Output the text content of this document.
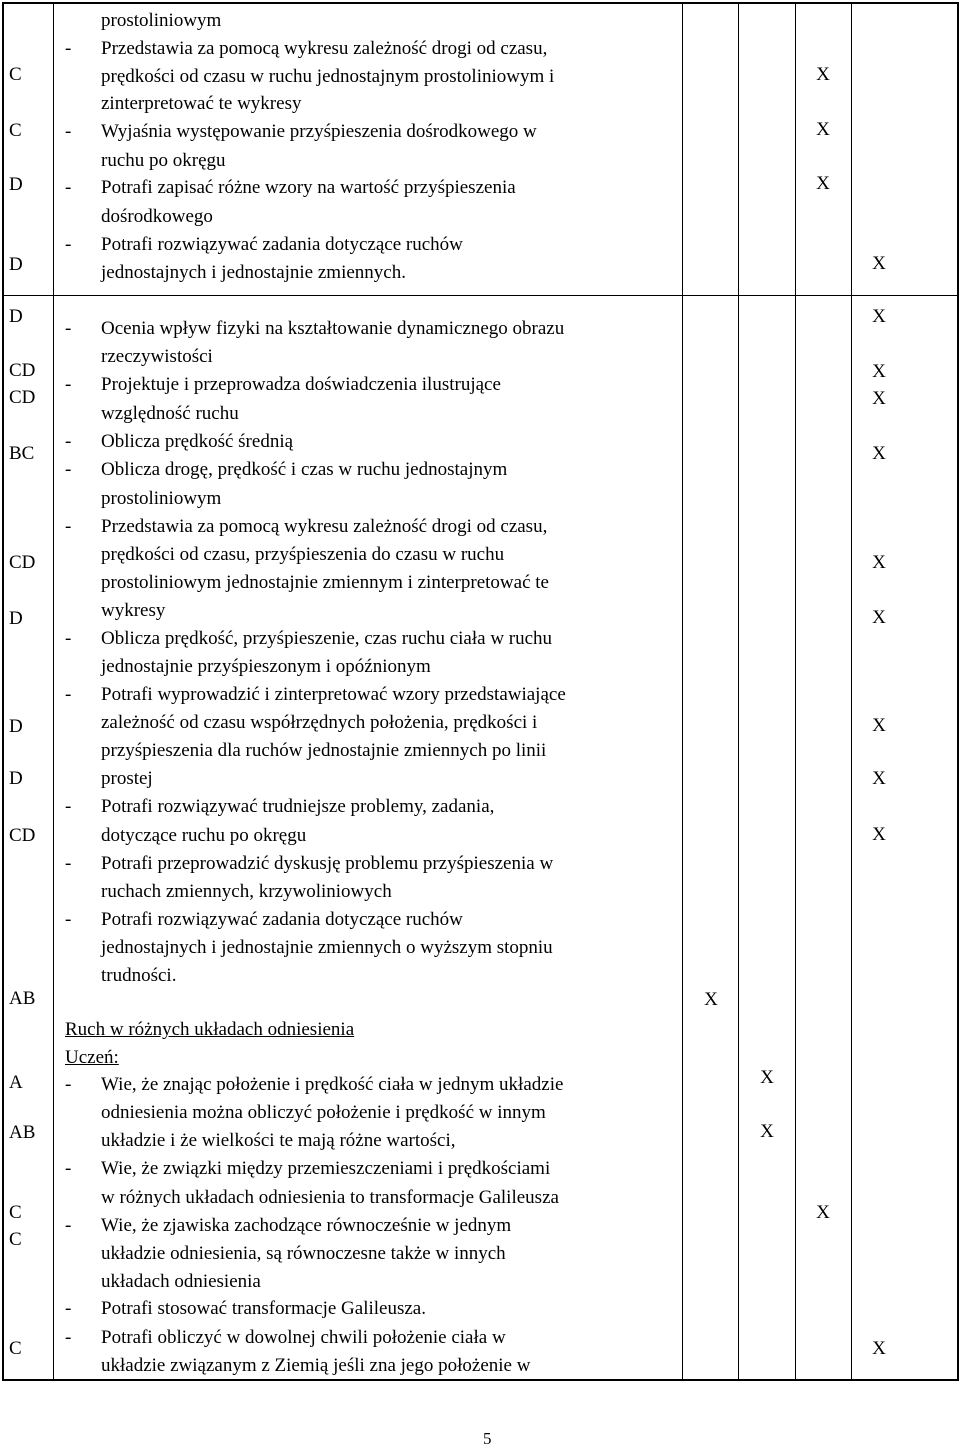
C
C
D
D
prostoliniowym
- Przedstawia za pomocą wykresu zależność drogi od czasu,
prędkości od czasu w ruchu jednostajnym prostoliniowym i
zinterpretować te wykresy
- Wyjaśnia występowanie przyśpieszenia dośrodkowego w
ruchu po okręgu
- Potrafi zapisać różne wzory na wartość przyśpieszenia
dośrodkowego
- Potrafi rozwiązywać zadania dotyczące ruchów
jednostajnych i jednostajnie zmiennych.
X
X
X
X
D
CD
CD
BC
CD
D
D
D
CD
AB
A
AB
C
C
C
- Ocenia wpływ fizyki na kształtowanie dynamicznego obrazu
rzeczywistości
- Projektuje i przeprowadza doświadczenia ilustrujące
względność ruchu
- Oblicza prędkość średnią
- Oblicza drogę, prędkość i czas w ruchu jednostajnym
prostoliniowym
- Przedstawia za pomocą wykresu zależność drogi od czasu,
prędkości od czasu, przyśpieszenia do czasu w ruchu
prostoliniowym jednostajnie zmiennym i zinterpretować te
wykresy
- Oblicza prędkość, przyśpieszenie, czas ruchu ciała w ruchu
jednostajnie przyśpieszonym i opóźnionym
- Potrafi wyprowadzić i zinterpretować wzory przedstawiające
zależność od czasu współrzędnych położenia, prędkości i
przyśpieszenia dla ruchów jednostajnie zmiennych po linii
prostej
- Potrafi rozwiązywać trudniejsze problemy, zadania,
dotyczące ruchu po okręgu
- Potrafi przeprowadzić dyskusję problemu przyśpieszenia w
ruchach zmiennych, krzywoliniowych
- Potrafi rozwiązywać zadania dotyczące ruchów
jednostajnych i jednostajnie zmiennych o wyższym stopniu
trudności.
Ruch w różnych układach odniesienia
Uczeń:
- Wie, że znając położenie i prędkość ciała w jednym układzie
odniesienia można obliczyć położenie i prędkość w innym
układzie i że wielkości te mają różne wartości,
- Wie, że związki między przemieszczeniami i prędkościami
w różnych układach odniesienia to transformacje Galileusza
- Wie, że zjawiska zachodzące równocześnie w jednym
układzie odniesienia, są równoczesne także w innych
układach odniesienia
- Potrafi stosować transformacje Galileusza.
- Potrafi obliczyć w dowolnej chwili położenie ciała w
układzie związanym z Ziemią jeśli zna jego położenie w
X
X
X
X
X
X
X
X
X
X
X
X
X
X
5
